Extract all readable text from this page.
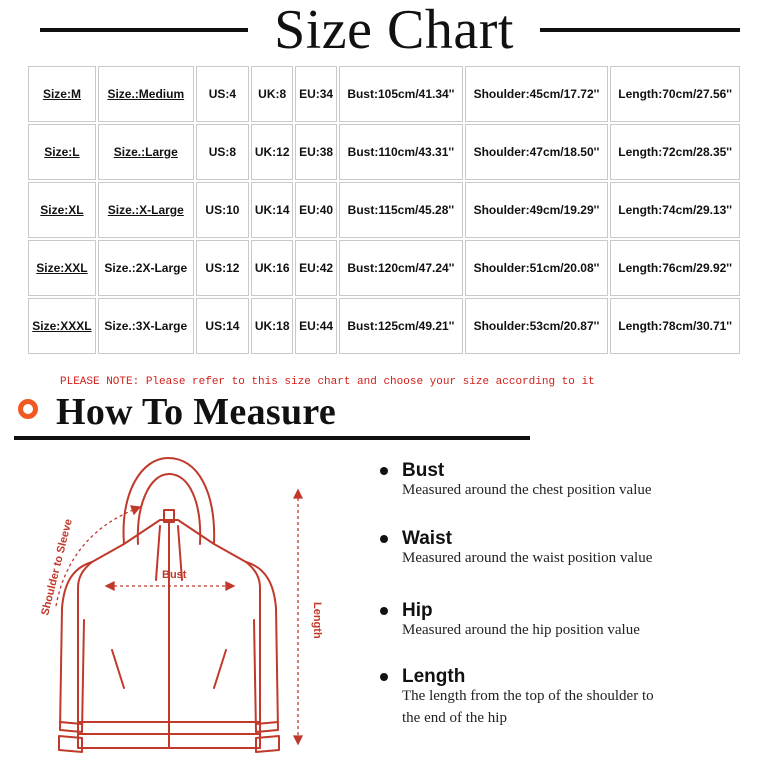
Size Chart
Size:M	Size.:Medium	US:4	UK:8	EU:34	Bust:105cm/41.34''	Shoulder:45cm/17.72''	Length:70cm/27.56''
Size:L	Size.:Large	US:8	UK:12	EU:38	Bust:110cm/43.31''	Shoulder:47cm/18.50''	Length:72cm/28.35''
Size:XL	Size.:X-Large	US:10	UK:14	EU:40	Bust:115cm/45.28''	Shoulder:49cm/19.29''	Length:74cm/29.13''
Size:XXL	Size.:2X-Large	US:12	UK:16	EU:42	Bust:120cm/47.24''	Shoulder:51cm/20.08''	Length:76cm/29.92''
Size:XXXL	Size.:3X-Large	US:14	UK:18	EU:44	Bust:125cm/49.21''	Shoulder:53cm/20.87''	Length:78cm/30.71''
PLEASE NOTE: Please refer to this size chart and choose your size according to it
How To Measure
Bust
Length
Shoulder to Sleeve
Bust
Measured around the chest position value
Waist
Measured around the waist position value
Hip
Measured around the hip position value
Length
The length from the top of the shoulder to
the end of the hip
